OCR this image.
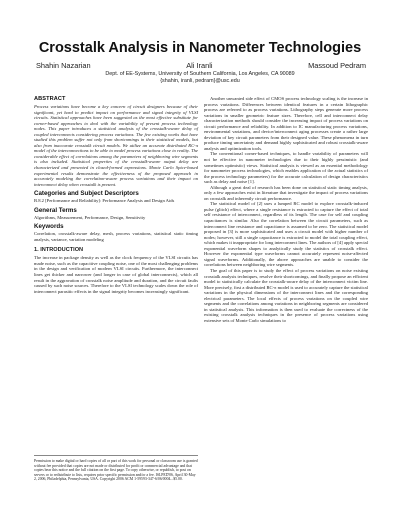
Crosstalk Analysis in Nanometer Technologies
Shahin Nazarian	Ali Iranli	Massoud Pedram
Dept. of EE-Systems, University of Southern California, Los Angeles, CA 90089
{shahin, iranli, pedram}@usc.edu
ABSTRACT

Process variations have become a key concern of circuit designers because of their significant, yet hard to predict impact on performance and signal integrity of VLSI circuits. Statistical approaches have been suggested as the most effective substitute for corner-based approaches to deal with the variability of present process technology nodes. This paper introduces a statistical analysis of the crosstalk-aware delay of coupled interconnects considering process variations. The few existing works that have studied this problem suffer not only from shortcomings in their statistical models, but also from inaccurate crosstalk circuit models. We utilize an accurate distributed RC-π model of the interconnections to be able to model process variations close to reality. The considerable effect of correlations among the parameters of neighboring wire segments is also included. Statistical properties of the crosstalk-aware output delay are characterized and presented in closed-formed expressions. Monte Carlo Spice-based experimental results demonstrate the effectiveness of the proposed approach in accurately modeling the correlation-aware process variations and their impact on interconnect delay when crosstalk is present.

Categories and Subject Descriptors

B.8.2 [Performance and Reliability]: Performance Analysis and Design Aids

General Terms

Algorithms, Measurement, Performance, Design, Sensitivity

Keywords

Correlation, crosstalk-aware delay, mesh, process variations, statistical static timing analysis, variance, variation modeling

1. INTRODUCTION

The increase in package density as well as the clock frequency of the VLSI circuits has made noise, such as the capacitive coupling noise, one of the most challenging problems in the design and verification of modern VLSI circuits. Furthermore, the interconnect lines get thicker and narrower (and longer in case of global interconnects), which all result in the aggravation of crosstalk noise amplitude and duration, and the circuit faults caused by such noise sources. Therefore to the VLSI technology scales down the role of interconnect parasitic effects in the signal integrity becomes increasingly significant.

Permission to make digital or hard copies of all or part of this work for personal or classroom use is granted without fee provided that copies are not made or distributed for profit or commercial advantage and that copies bear this notice and the full citation on the first page. To copy otherwise, or republish, to post on servers or to redistribute to lists, requires prior specific permission and/or a fee. ISLPED'06, April 30-May 2, 2006, Philadelphia, Pennsylvania, USA. Copyright 2006 ACM 1-59593-347-6/06/0004...$5.00.

Another unwanted side effect of CMOS process technology scaling is the increase in process variations. Differences between identical features in a certain lithographic process are referred to as process variations. Lithography steps generate more process variations in smaller geometric feature sizes. Therefore, cell and interconnect delay characterization methods should consider the increasing impact of process variations on circuit performance and reliability. In addition to IC manufacturing process variations, environmental variations, and device/interconnect aging processes create a rather large deviation of key circuit parameters from their designed value. These phenomena in turn produce timing uncertainty and demand highly sophisticated and robust crosstalk-aware analysis and optimization tools.

The conventional corner-based techniques, to handle variability of parameters will not be effective in nanometer technologies due to their highly pessimistic (and sometimes optimistic) views. Statistical analysis is viewed as an essential methodology for nanometer process technologies, which enables application of the actual statistics of the process technology parameters) for the accurate calculation of design characteristics such as delay and noise [1].

Although a great deal of research has been done on statistical static timing analysis, only a few approaches exist in literature that investigate the impact of process variations on crosstalk and inherently circuit performance.

The statistical model of [2] uses a lumped RC model to explore crosstalk-induced pulse (glitch) effect, where a single resistance is extracted to capture the effect of total self resistance of interconnect, regardless of its length. The case for self and coupling capacitances is similar. Also the correlation between the circuit parameters, such as interconnect line resistance and capacitance is assumed to be zero. The statistical model proposed in [3] is more sophisticated and uses a circuit model with higher number of nodes; however, still a single capacitance is extracted to model the total coupling effect, which makes it inappropriate for long interconnect lines. The authors of [4] apply special exponential waveform shapes to analytically study the statistics of crosstalk effect. However the exponential type waveforms cannot accurately represent noise-affected signal waveforms. Additionally, the above approaches are unable to consider the correlations between neighboring wire segments.

The goal of this paper is to study the effect of process variations on noise existing crosstalk analysis techniques, resolve their shortcomings, and finally propose an efficient model to statistically calculate the crosstalk-aware delay of the interconnect victim line. More precisely, first a distributed RC-π model is used to accurately capture the statistical variations in the physical dimensions of the interconnect lines and the corresponding electrical parameters. The local effects of process variations on the coupled wire segments and the correlations among variations in neighboring segments are considered in statistical analysis. This information is then used to evaluate the correctness of the existing crosstalk analysis techniques in the presence of process variations using extensive sets of Monte Carlo simulations to
